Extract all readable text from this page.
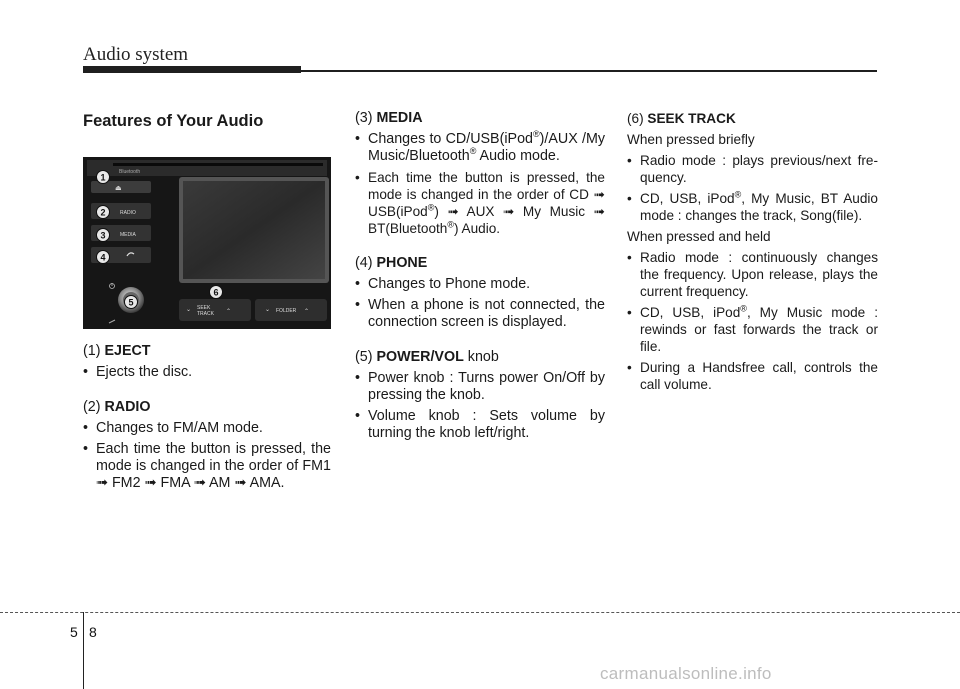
Audio system
Features of Your Audio
Bluetooth
⏏
RADIO
MEDIA
SEEK
TRACK
⌄	⌃	FOLDER
⌄	⌃
1
2
3
4
5
6
(1) EJECT
• Ejects the disc.
(2) RADIO
• Changes to FM/AM mode.
• Each time the button is pressed, the mode is changed in the order of FM1 ➟ FM2 ➟ FMA ➟ AM ➟ AMA.
(3) MEDIA
• Changes to CD/USB(iPod®)/AUX /My Music/Bluetooth® Audio mode.
• Each time the button is pressed, the mode is changed in the order of CD ➟ USB(iPod®) ➟ AUX ➟ My Music ➟ BT(Bluetooth®) Audio.
(4) PHONE
• Changes to Phone mode.
• When a phone is not connected, the connection screen is displayed.
(5) POWER/VOL knob
• Power knob : Turns power On/Off by pressing the knob.
• Volume knob : Sets volume by turning the knob left/right.
(6) SEEK TRACK
When pressed briefly
• Radio mode : plays previous/next frequency.
• CD, USB, iPod®, My Music, BT Audio mode : changes the track, Song(file).
When pressed and held
• Radio mode : continuously changes the frequency. Upon release, plays the current frequency.
• CD, USB, iPod®, My Music mode : rewinds or fast forwards the track or file.
• During a Handsfree call, controls the call volume.
5 8
carmanualsonline.info
